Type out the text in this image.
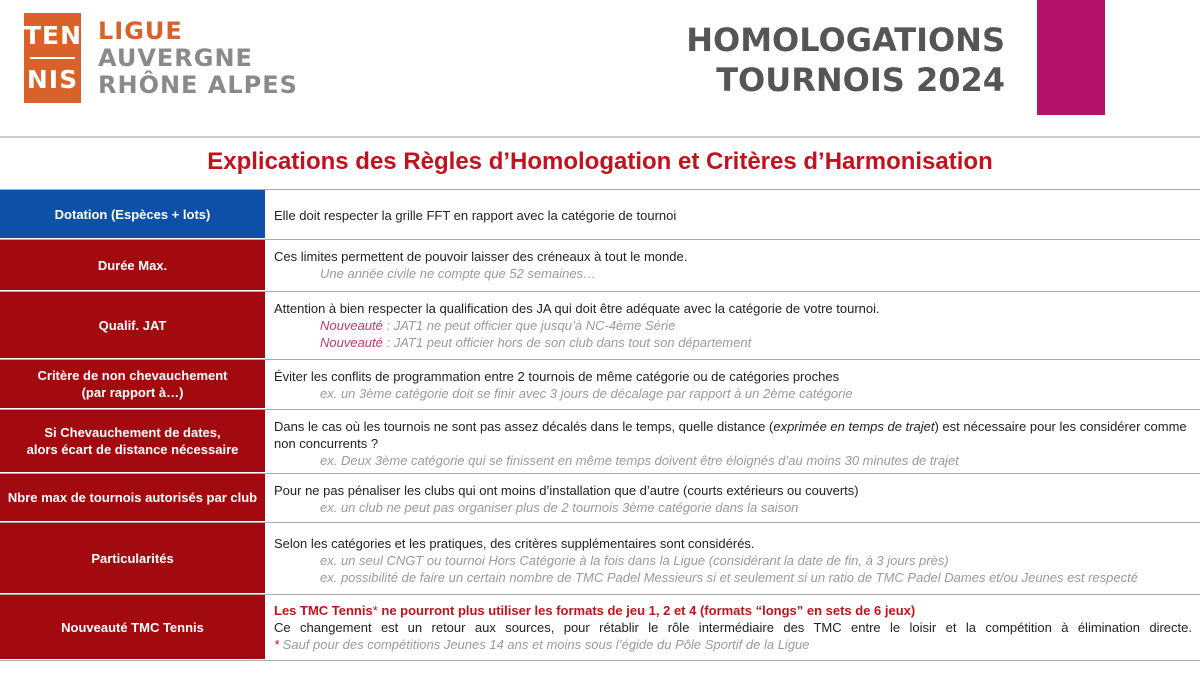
TEN
NIS
LIGUE
AUVERGNE
RHÔNE ALPES
HOMOLOGATIONS
TOURNOIS 2024
Explications des Règles d’Homologation et Critères d’Harmonisation
Dotation (Espèces + lots)	Elle doit respecter la grille FFT en rapport avec la catégorie de tournoi
Durée Max.
Ces limites permettent de pouvoir laisser des créneaux à tout le monde.
Une année civile ne compte que 52 semaines…
Qualif. JAT
Attention à bien respecter la qualification des JA qui doit être adéquate avec la catégorie de votre tournoi.
Nouveauté : JAT1 ne peut officier que jusqu’à NC-4ème Série
Nouveauté : JAT1 peut officier hors de son club dans tout son département
Critère de non chevauchement
(par rapport à…)
Éviter les conflits de programmation entre 2 tournois de même catégorie ou de catégories proches
ex. un 3ème catégorie doit se finir avec 3 jours de décalage par rapport à un 2ème catégorie
Si Chevauchement de dates,
alors écart de distance nécessaire
Dans le cas où les tournois ne sont pas assez décalés dans le temps, quelle distance (exprimée en temps de trajet) est nécessaire pour les considérer comme non concurrents ?
ex. Deux 3ème catégorie qui se finissent en même temps doivent être éloignés d’au moins 30 minutes de trajet
Nbre max de tournois autorisés par club	Pour ne pas pénaliser les clubs qui ont moins d’installation que d’autre (courts extérieurs ou couverts)
ex. un club ne peut pas organiser plus de 2 tournois 3ème catégorie dans la saison
Particularités
Selon les catégories et les pratiques, des critères supplémentaires sont considérés.
ex. un seul CNGT ou tournoi Hors Catégorie à la fois dans la Ligue (considérant la date de fin, à 3 jours près)
ex. possibilité de faire un certain nombre de TMC Padel Messieurs si et seulement si un ratio de TMC Padel Dames et/ou Jeunes est respecté
Nouveauté TMC Tennis
Les TMC Tennis* ne pourront plus utiliser les formats de jeu 1, 2 et 4 (formats “longs” en sets de 6 jeux)
Ce changement est un retour aux sources, pour rétablir le rôle intermédiaire des TMC entre le loisir et la compétition à élimination directe.
* Sauf pour des compétitions Jeunes 14 ans et moins sous l’égide du Pôle Sportif de la Ligue
